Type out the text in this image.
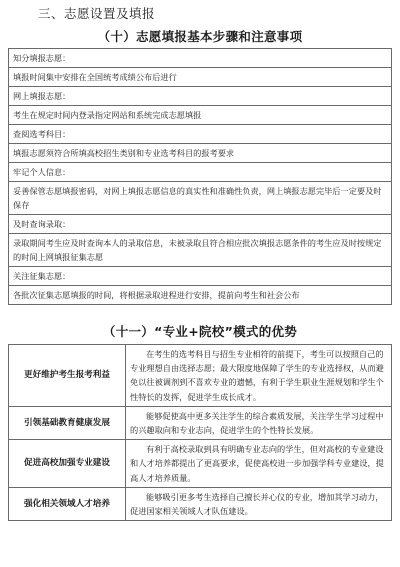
三、志愿设置及填报
（十）志愿填报基本步骤和注意事项
知分填报志愿：
填报时间集中安排在全国统考成绩公布后进行
网上填报志愿：
考生在规定时间内登录指定网站和系统完成志愿填报
查阅选考科目：
填报志愿须符合所填高校招生类别和专业选考科目的报考要求
牢记个人信息：
妥善保管志愿填报密码，对网上填报志愿信息的真实性和准确性负责，网上填报志愿完毕后一定要及时保存
及时查询录取：
录取期间考生应及时查询本人的录取信息，未被录取且符合相应批次填报志愿条件的考生应及时按规定的时间上网填报征集志愿
关注征集志愿：
各批次征集志愿填报的时间，将根据录取进程进行安排，提前向考生和社会公布
（十一）“专业+院校”模式的优势
更好维护考生报考利益	在考生的选考科目与招生专业相符的前提下，考生可以按照自己的专业理想自由选择志愿；最大限度地保障了学生的专业选择权，从而避免以往被调剂到不喜欢专业的遗憾，有利于学生职业生涯规划和学生个性特长的发挥，促进学生成长成才。
引领基础教育健康发展	能够促使高中更多关注学生的综合素质发展，关注学生学习过程中的兴趣取向和专业志向，促进学生的个性特长发展。
促进高校加强专业建设	有利于高校录取到具有明确专业志向的学生，但对高校的专业建设和人才培养都提出了更高要求，促使高校进一步加强学科专业建设，提高人才培养质量。
强化相关领域人才培养	能够吸引更多考生选择自己擅长并心仪的专业，增加其学习动力，促进国家相关领域人才队伍建设。
